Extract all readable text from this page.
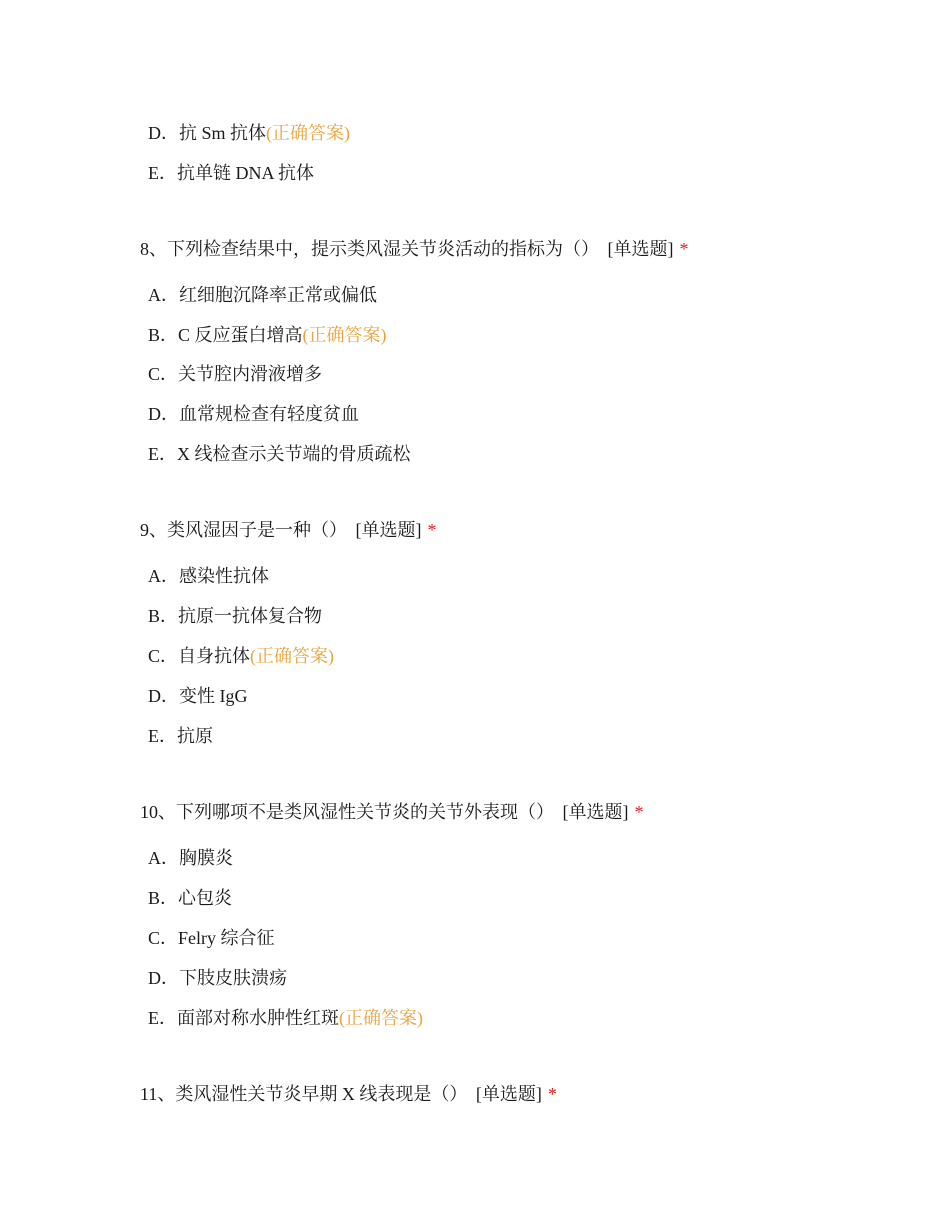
D．抗 Sm 抗体(正确答案)
E．抗单链 DNA 抗体
8、下列检查结果中，提示类风湿关节炎活动的指标为（） [单选题] *
A．红细胞沉降率正常或偏低
B．C 反应蛋白增高(正确答案)
C．关节腔内滑液增多
D．血常规检查有轻度贫血
E．X 线检查示关节端的骨质疏松
9、类风湿因子是一种（） [单选题] *
A．感染性抗体
B．抗原一抗体复合物
C．自身抗体(正确答案)
D．变性 IgG
E．抗原
10、下列哪项不是类风湿性关节炎的关节外表现（） [单选题] *
A．胸膜炎
B．心包炎
C．Felry 综合征
D．下肢皮肤溃疡
E．面部对称水肿性红斑(正确答案)
11、类风湿性关节炎早期 X 线表现是（） [单选题] *
